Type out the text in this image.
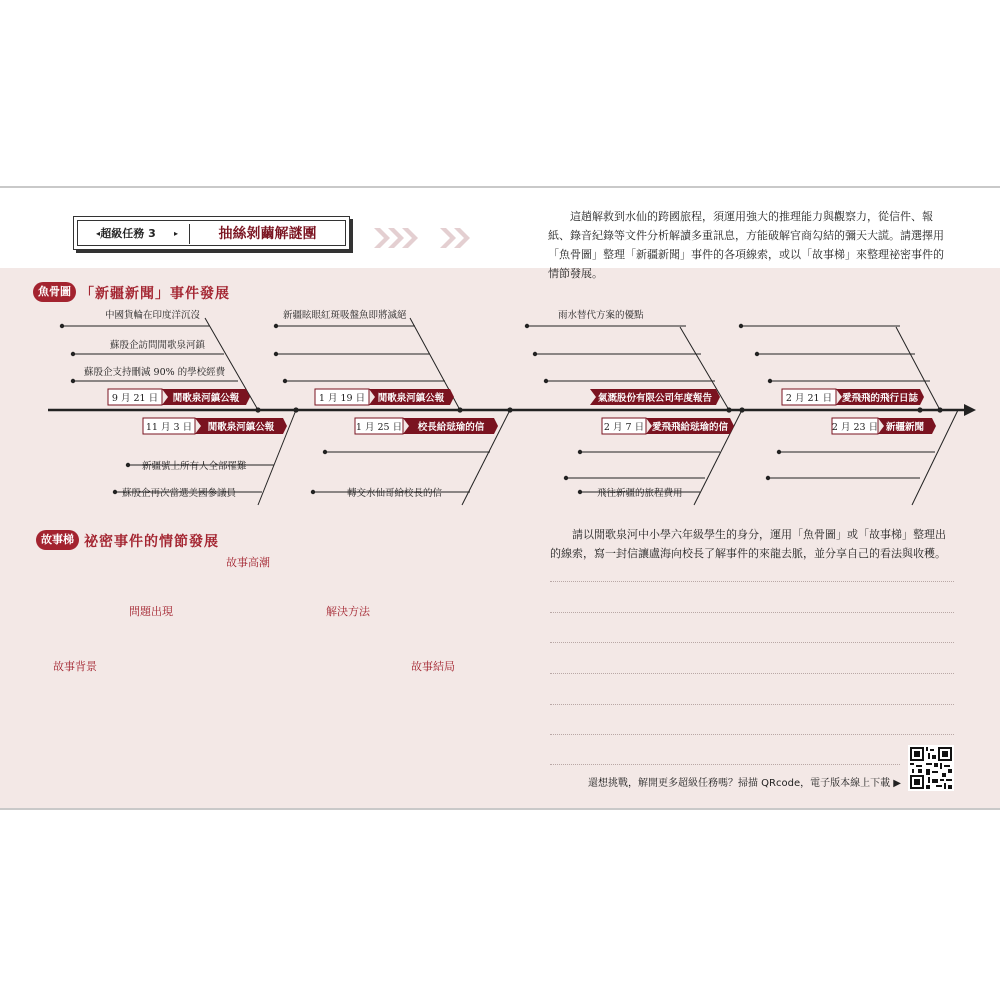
◂ 超級任務 3	▸	抽絲剝繭解謎團
這趟解救到水仙的跨國旅程，須運用強大的推理能力與觀察力，從信件、報紙、錄音紀錄等文件分析解讀多重訊息，方能破解官商勾結的彌天大謊。請選擇用「魚骨圖」整理「新疆新聞」事件的各項線索，或以「故事梯」來整理祕密事件的情節發展。
魚骨圖 「新疆新聞」事件發展
中國貨輪在印度洋沉沒
蘇殷企訪問閒歌泉河鎮
蘇殷企支持刪減 90% 的學校經費
新疆眩眼紅斑吸盤魚即將滅絕	雨水替代方案的優點
新疆號上所有人全部罹難
蘇殷企再次當選美國參議員	轉交水仙哥給校長的信	飛往新疆的旅程費用
9 月 21 日 閒歌泉河鎮公報	1 月 19 日 閒歌泉河鎮公報	氣溉股份有限公司年度報告	2 月 21 日 愛飛飛的飛行日誌
11 月 3 日 閒歌泉河鎮公報	1 月 25 日 校長給琺瑜的信	2 月 7 日 愛飛飛給琺瑜的信	2 月 23 日 新疆新聞
故事梯 祕密事件的情節發展
故事高潮
問題出現	解決方法
故事背景	故事結局
請以閒歌泉河中小學六年級學生的身分，運用「魚骨圖」或「故事梯」整理出的線索，寫一封信讓盧海向校長了解事件的來龍去脈，並分享自己的看法與收穫。
還想挑戰，解開更多超級任務嗎？掃描 QRcode，電子版本線上下載 ▶
